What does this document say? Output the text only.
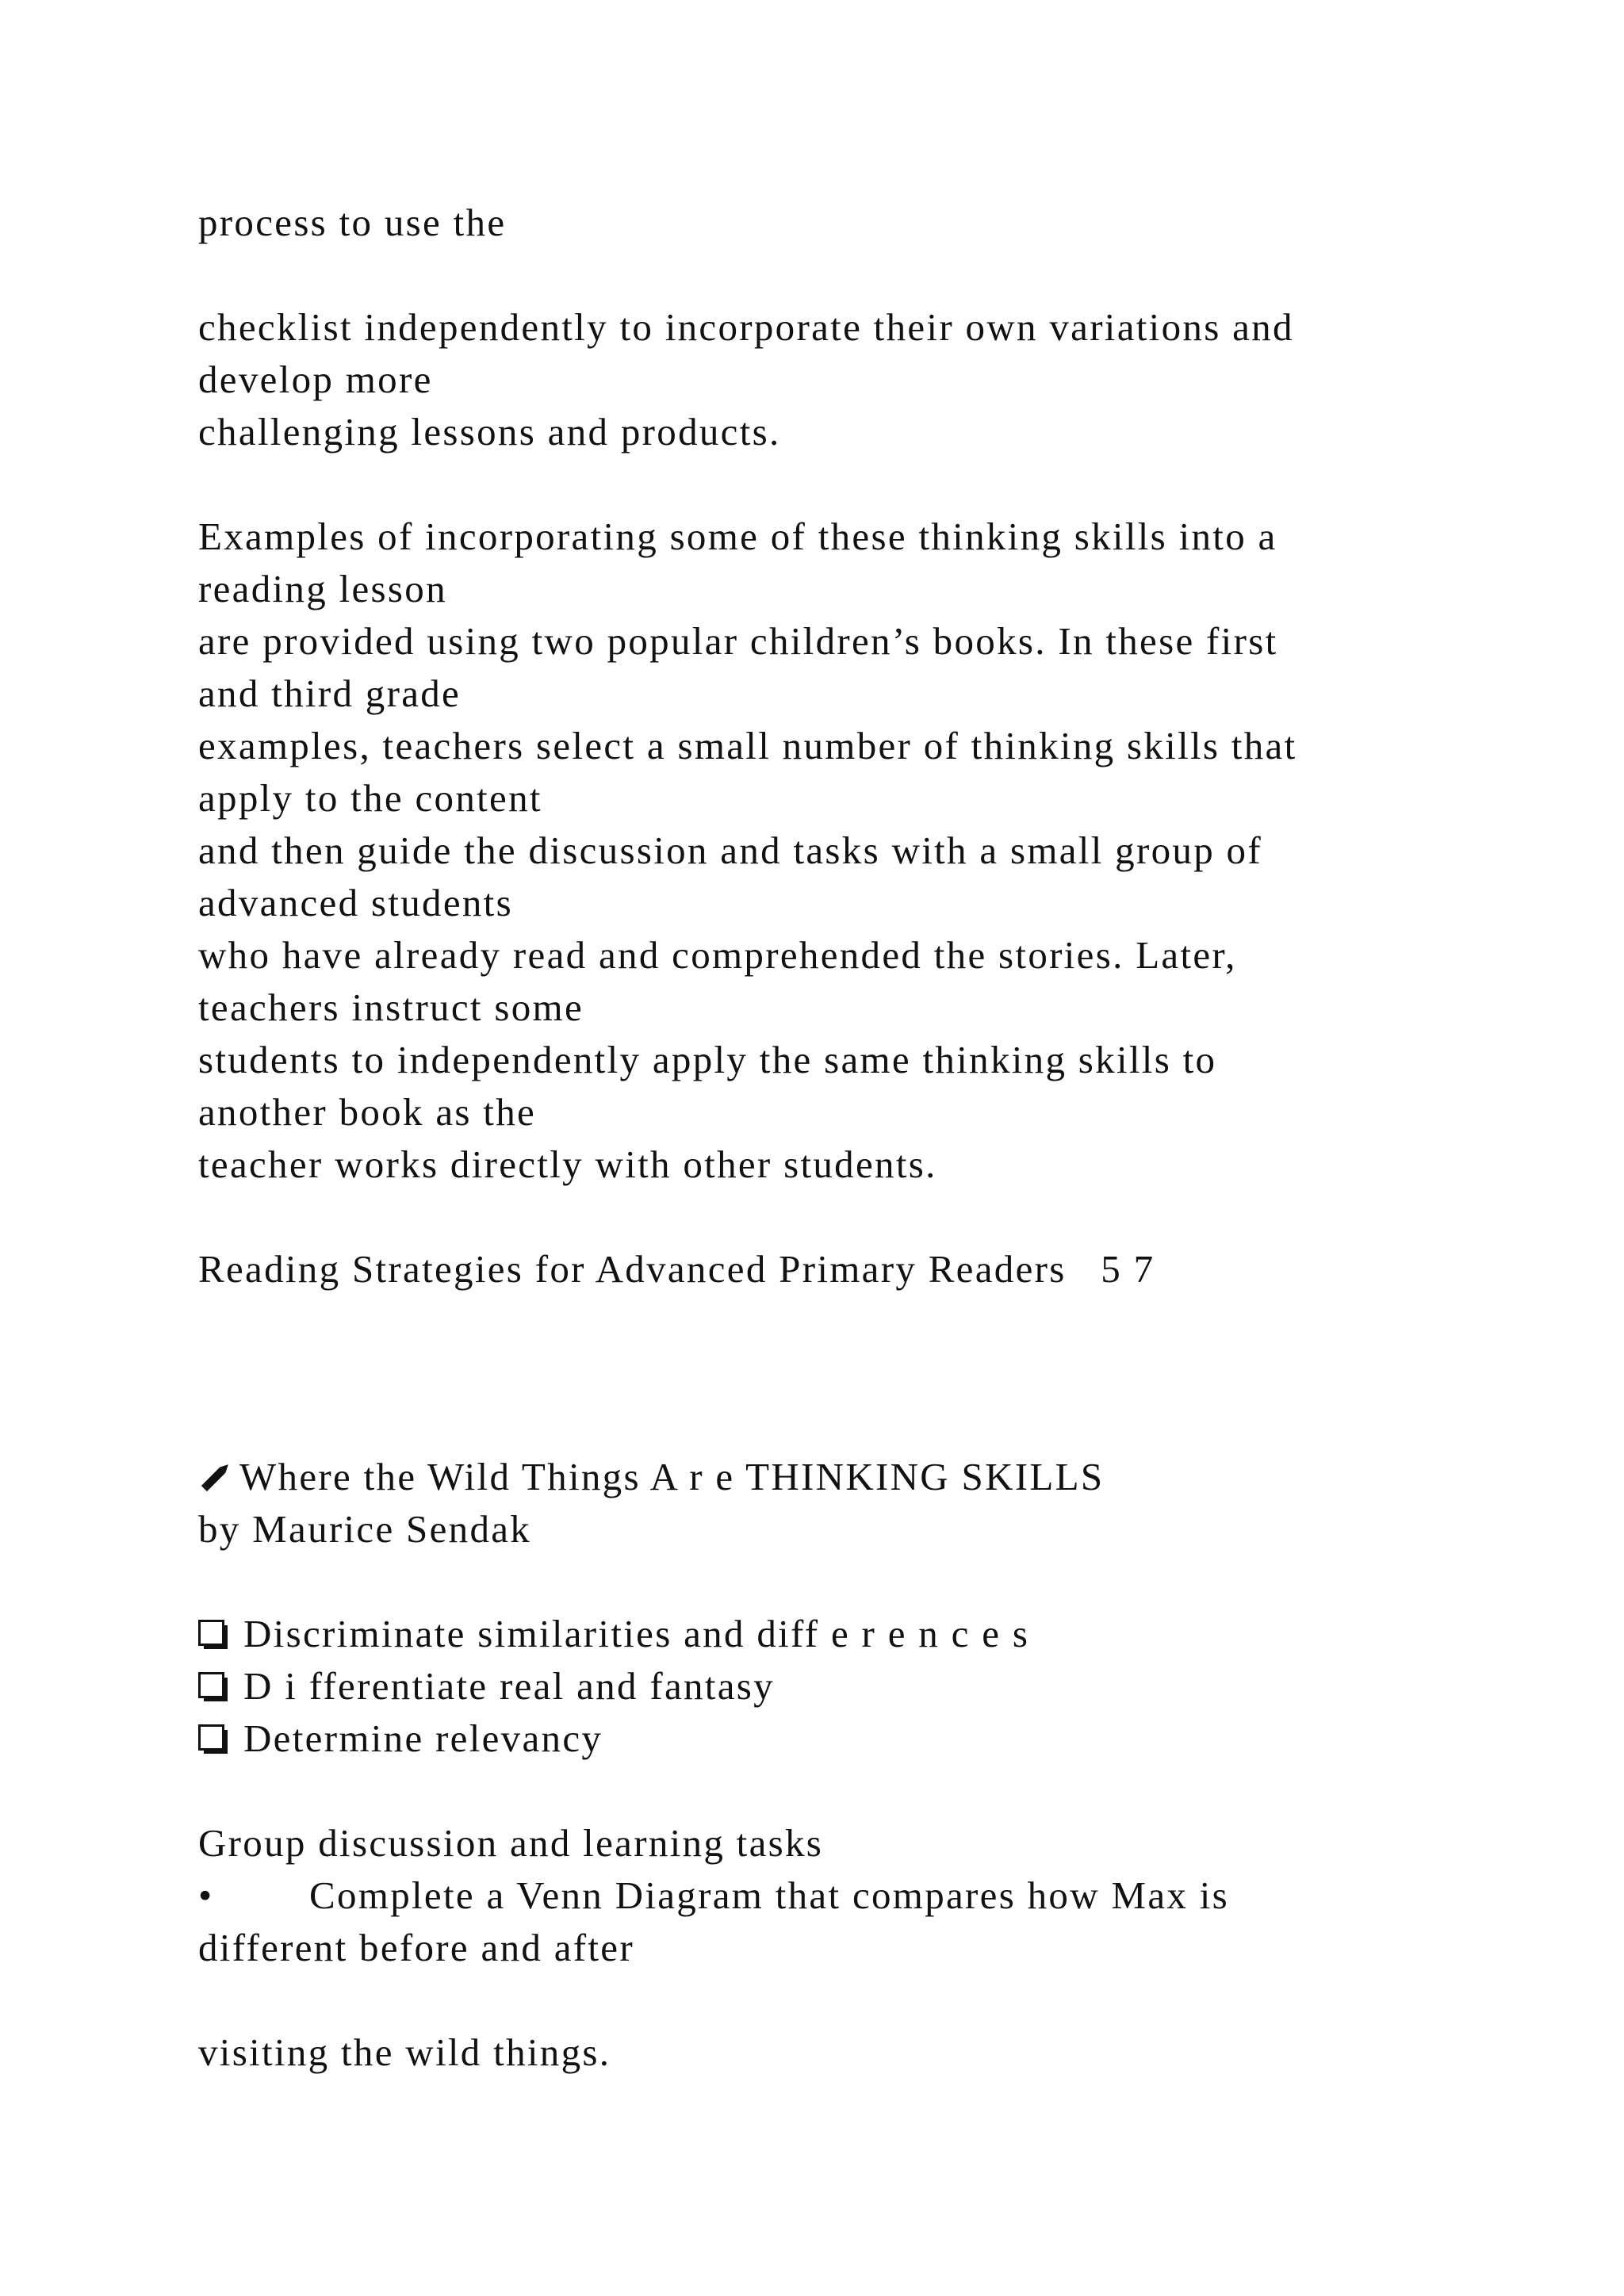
process to use the

checklist independently to incorporate their own variations and

develop more

challenging lessons and products.

Examples of incorporating some of these thinking skills into a

reading lesson

are provided using two popular children’s books. In these first

and third grade

examples, teachers select a small number of thinking skills that

apply to the content

and then guide the discussion and tasks with a small group of

advanced students

who have already read and comprehended the stories. Later,

teachers instruct some

students to independently apply the same thinking skills to

another book as the

teacher works directly with other students.

Reading Strategies for Advanced Primary Readers   5 7

Where the Wild Things A r e THINKING SKILLS

by Maurice Sendak

Discriminate similarities and diff e r e n c e s

D i fferentiate real and fantasy

Determine relevancy

Group discussion and learning tasks

• Complete a Venn Diagram that compares how Max is

different before and after

visiting the wild things.
